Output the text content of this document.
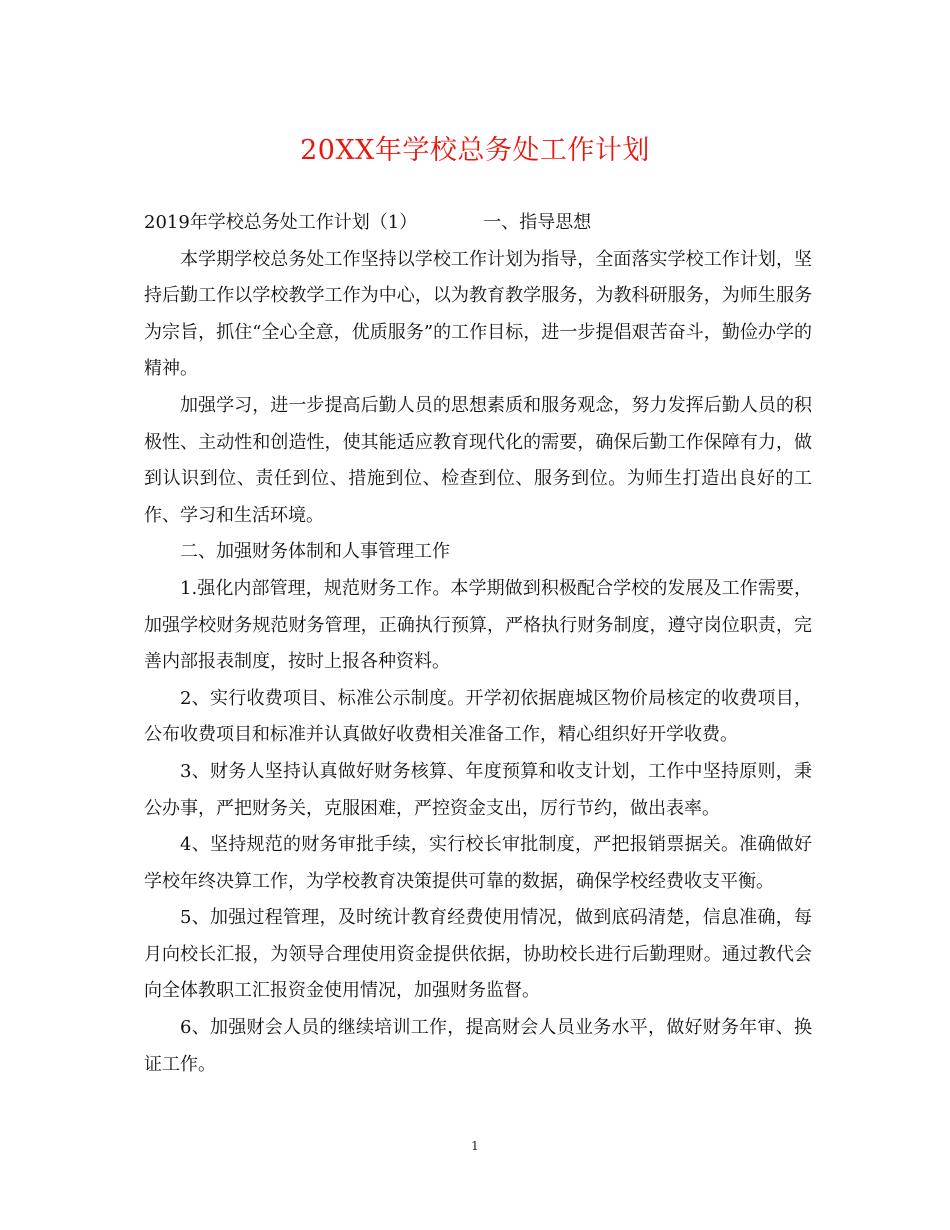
20XX年学校总务处工作计划

2019年学校总务处工作计划（1）	一、指导思想

本学期学校总务处工作坚持以学校工作计划为指导，全面落实学校工作计划，坚持后勤工作以学校教学工作为中心，以为教育教学服务，为教科研服务，为师生服务为宗旨，抓住“全心全意，优质服务”的工作目标，进一步提倡艰苦奋斗，勤俭办学的精神。

加强学习，进一步提高后勤人员的思想素质和服务观念，努力发挥后勤人员的积极性、主动性和创造性，使其能适应教育现代化的需要，确保后勤工作保障有力，做到认识到位、责任到位、措施到位、检查到位、服务到位。为师生打造出良好的工作、学习和生活环境。

二、加强财务体制和人事管理工作

1.强化内部管理，规范财务工作。本学期做到积极配合学校的发展及工作需要，加强学校财务规范财务管理，正确执行预算，严格执行财务制度，遵守岗位职责，完善内部报表制度，按时上报各种资料。

2、实行收费项目、标准公示制度。开学初依据鹿城区物价局核定的收费项目，公布收费项目和标准并认真做好收费相关准备工作，精心组织好开学收费。

3、财务人坚持认真做好财务核算、年度预算和收支计划，工作中坚持原则，秉公办事，严把财务关，克服困难，严控资金支出，厉行节约，做出表率。

4、坚持规范的财务审批手续，实行校长审批制度，严把报销票据关。准确做好学校年终决算工作，为学校教育决策提供可靠的数据，确保学校经费收支平衡。

5、加强过程管理，及时统计教育经费使用情况，做到底码清楚，信息准确，每月向校长汇报，为领导合理使用资金提供依据，协助校长进行后勤理财。通过教代会向全体教职工汇报资金使用情况，加强财务监督。

6、加强财会人员的继续培训工作，提高财会人员业务水平，做好财务年审、换证工作。

1
